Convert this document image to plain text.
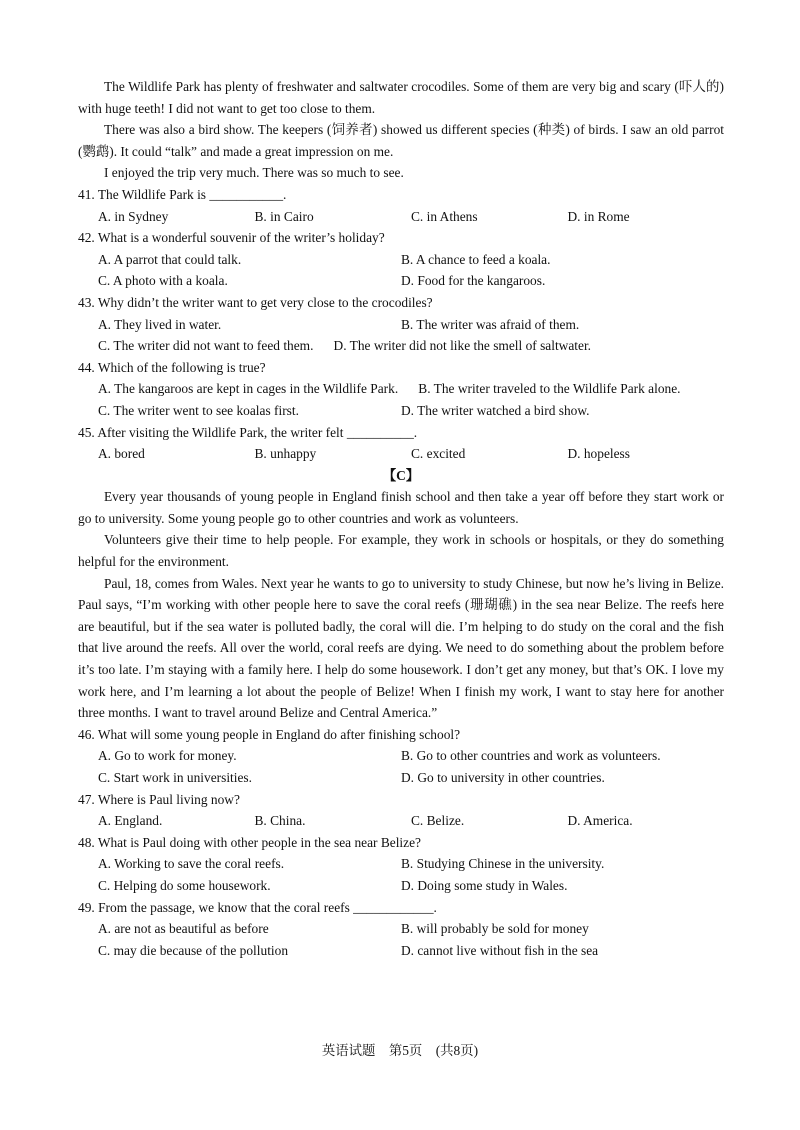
The Wildlife Park has plenty of freshwater and saltwater crocodiles. Some of them are very big and scary (吓人的) with huge teeth! I did not want to get too close to them.

There was also a bird show. The keepers (饲养者) showed us different species (种类) of birds. I saw an old parrot (鹦鹉). It could “talk” and made a great impression on me.

I enjoyed the trip very much. There was so much to see.

41. The Wildlife Park is ___________.

A. in Sydney	B. in Cairo	C. in Athens	D. in Rome

42. What is a wonderful souvenir of the writer’s holiday?

A. A parrot that could talk.	B. A chance to feed a koala.
C. A photo with a koala.	D. Food for the kangaroos.

43. Why didn’t the writer want to get very close to the crocodiles?

A. They lived in water.	B. The writer was afraid of them.

C. The writer did not want to feed them. D. The writer did not like the smell of saltwater.

44. Which of the following is true?

A. The kangaroos are kept in cages in the Wildlife Park. B. The writer traveled to the Wildlife Park alone.

C. The writer went to see koalas first.	D. The writer watched a bird show.

45. After visiting the Wildlife Park, the writer felt __________.

A. bored	B. unhappy	C. excited	D. hopeless

【C】

Every year thousands of young people in England finish school and then take a year off before they start work or go to university. Some young people go to other countries and work as volunteers.

Volunteers give their time to help people. For example, they work in schools or hospitals, or they do something helpful for the environment.

Paul, 18, comes from Wales. Next year he wants to go to university to study Chinese, but now he’s living in Belize. Paul says, “I’m working with other people here to save the coral reefs (珊瑚礁) in the sea near Belize. The reefs here are beautiful, but if the sea water is polluted badly, the coral will die. I’m helping to do study on the coral and the fish that live around the reefs. All over the world, coral reefs are dying. We need to do something about the problem before it’s too late. I’m staying with a family here. I help do some housework. I don’t get any money, but that’s OK. I love my work here, and I’m learning a lot about the people of Belize! When I finish my work, I want to stay here for another three months. I want to travel around Belize and Central America.”

46. What will some young people in England do after finishing school?

A. Go to work for money.	B. Go to other countries and work as volunteers.
C. Start work in universities.	D. Go to university in other countries.

47. Where is Paul living now?

A. England.	B. China.	C. Belize.	D. America.

48. What is Paul doing with other people in the sea near Belize?

A. Working to save the coral reefs.	B. Studying Chinese in the university.
C. Helping do some housework.	D. Doing some study in Wales.

49. From the passage, we know that the coral reefs ____________.

A. are not as beautiful as before	B. will probably be sold for money
C. may die because of the pollution	D. cannot live without fish in the sea
英语试题　第5页　(共8页)
